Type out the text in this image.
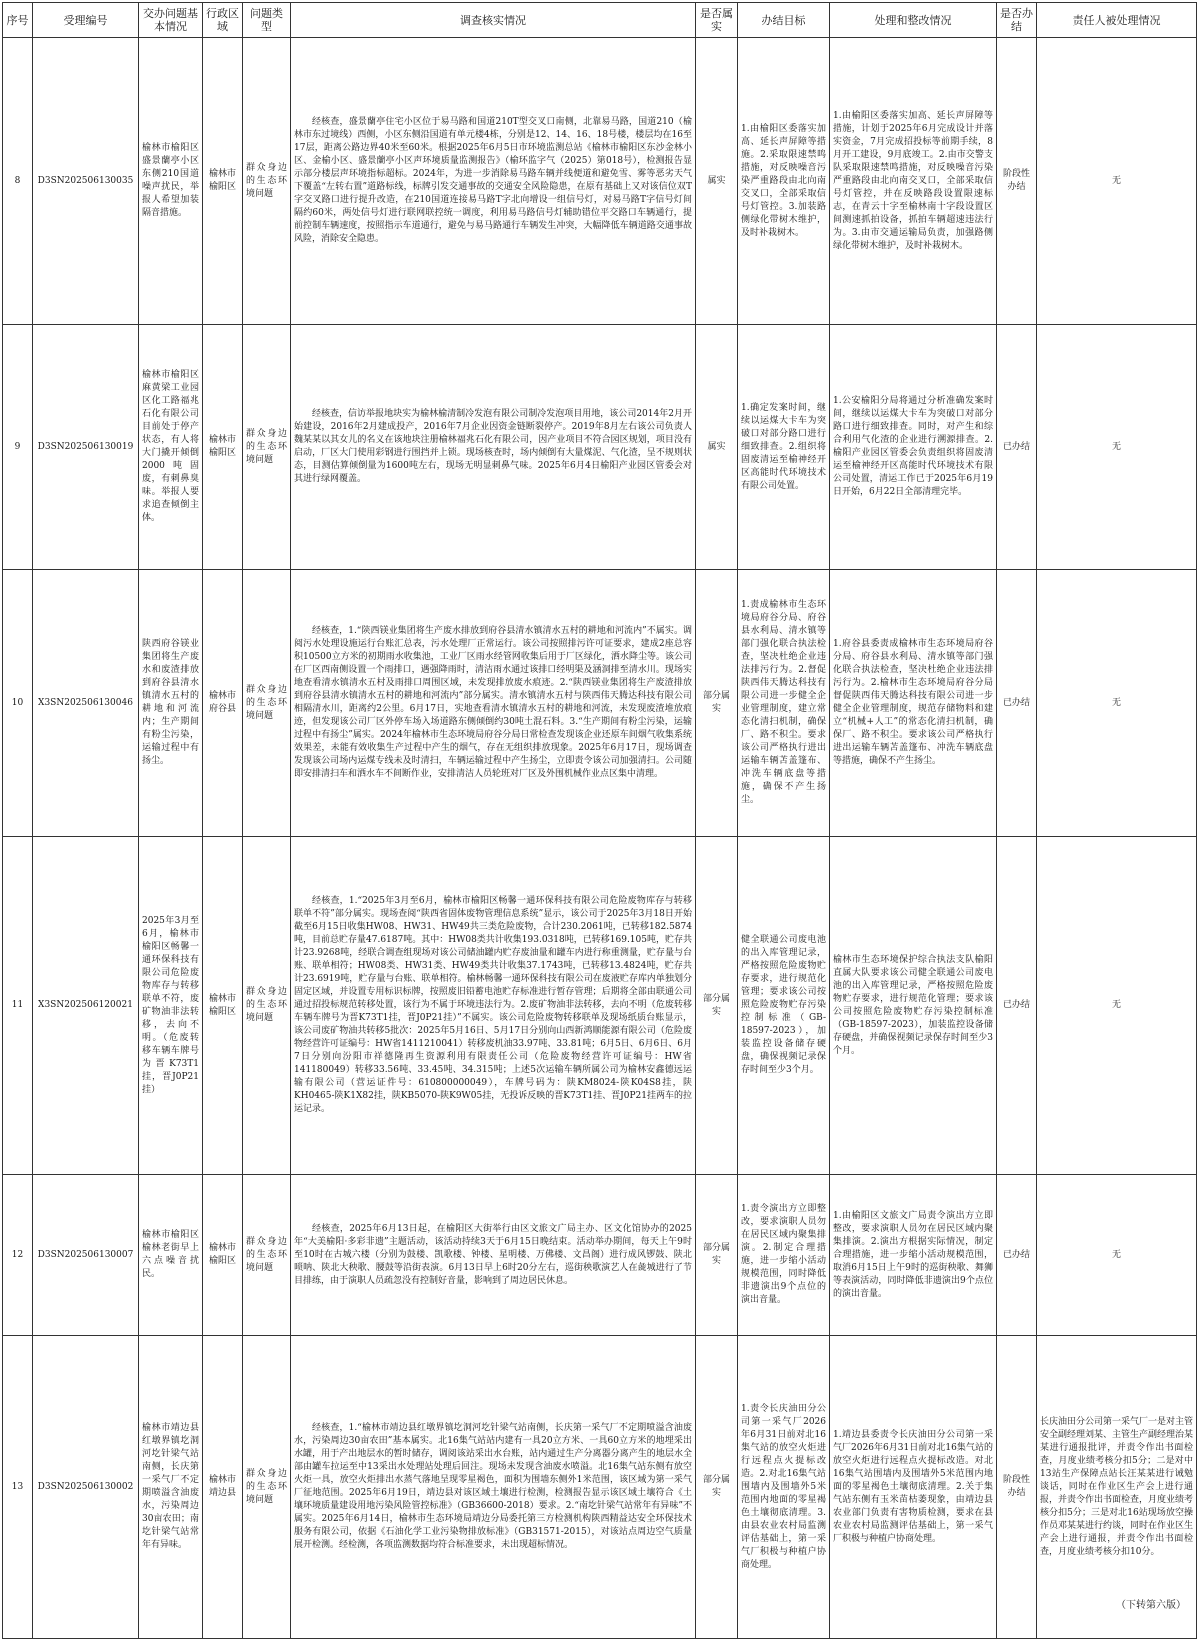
序号	受理编号	交办问题基本情况	行政区域	问题类型	调查核实情况	是否属实	办结目标	处理和整改情况	是否办结	责任人被处理情况
8	D3SN202506130035	榆林市榆阳区盛景蘭亭小区东侧210国道噪声扰民，举报人希望加装隔音措施。	榆林市榆阳区	群众身边的生态环境问题	经核查，盛景蘭亭住宅小区位于易马路和国道210T型交叉口南侧，北靠易马路，国道210（榆林市东过境线）西侧，小区东侧沿国道有单元楼4栋，分别是12、14、16、18号楼，楼层均在16至17层，距离公路边界40米至60米。根据2025年6月5日市环境监测总站《榆林市榆阳区东沙金林小区、金榆小区、盛景蘭亭小区声环境质量监测报告》（榆环监字气（2025）第018号），检测报告显示部分楼层声环境指标超标。2024年，为进一步消除易马路车辆并线便道和避免雪、雾等恶劣天气下覆盖“左转右置”道路标线，标牌引发交通事故的交通安全风险隐患，在原有基础上又对该信位双T字交叉路口进行提升改造，在210国道连接易马路T字北向增设一组信号灯，对易马路T字信号灯间隔约60米，两处信号灯进行联网联控统一调度，利用易马路信号灯辅助错位平交路口车辆通行，提前控制车辆速度，按照指示车道通行，避免与易马路通行车辆发生冲突，大幅降低车辆道路交通事故风险，消除安全隐患。	属实	1.由榆阳区委落实加高、延长声屏障等措施。2.采取限速禁鸣措施，对反映噪音污染严重路段由北向南交叉口，全部采取信号灯管控。3.加装路侧绿化带树木维护，及时补栽树木。	1.由榆阳区委落实加高、延长声屏障等措施，计划于2025年6月完成设计并落实资金，7月完成招投标等前期手续，8月开工建设，9月底竣工。2.由市交警支队采取限速禁鸣措施，对反映噪音污染严重路段由北向南交叉口，全部采取信号灯管控，并在反映路段设置限速标志，在青云十字至榆林南十字段设置区间测速抓拍设备，抓拍车辆超速违法行为。3.由市交通运输局负责，加强路侧绿化带树木维护，及时补栽树木。	阶段性办结	无
9	D3SN202506130019	榆林市榆阳区麻黄梁工业园区化工路福兆石化有限公司目前处于停产状态，有人将大门撬开倾倒2000吨固废，有刺鼻臭味。举报人要求追查倾倒主体。	榆林市榆阳区	群众身边的生态环境问题	经核查，信访举报地块实为榆林榆清制冷发泡有限公司制冷发泡项目用地，该公司2014年2月开始建设，2016年2月建成投产，2016年7月企业因资金链断裂停产。2019年8月左右该公司负责人魏某某以其女儿的名义在该地块注册榆林福兆石化有限公司，因产业项目不符合园区规划，项目没有启动，厂区大门使用彩钢进行围挡并上锁。现场核查时，场内倾倒有大量煤泥、气化渣，呈不规则状态，目测估算倾倒量为1600吨左右，现场无明显刺鼻气味。2025年6月4日榆阳产业园区管委会对其进行绿网覆盖。	属实	1.确定发案时间，继续以运煤大卡车为突破口对部分路口进行细致排查。2.组织将固废清运至榆神经开区高能时代环境技术有限公司处置。	1.公安榆阳分局将通过分析准确发案时间，继续以运煤大卡车为突破口对部分路口进行细致排查。同时，对产生和综合利用气化渣的企业进行溯源排查。2.榆阳产业园区管委会负责组织将固废清运至榆神经开区高能时代环境技术有限公司处置，清运工作已于2025年6月19日开始，6月22日全部清理完毕。	已办结	无
10	X3SN202506130046	陕西府谷镁业集团将生产废水和废渣排放到府谷县清水镇清水五村的耕地和河流内；生产期间有粉尘污染，运输过程中有扬尘。	榆林市府谷县	群众身边的生态环境问题	经核查，1.“陕西镁业集团将生产废水排放到府谷县清水镇清水五村的耕地和河流内”不属实。调阅污水处理设施运行台账汇总表，污水处理厂正常运行。该公司按照排污许可证要求，建成2座总容积10500立方米的初期雨水收集池，工业厂区雨水经管网收集后用于厂区绿化，洒水降尘等。该公司在厂区西南侧设置一个雨排口，遇强降雨时，清洁雨水通过该排口经明渠及涵洞排至清水川。现场实地查看清水镇清水五村及雨排口周围区域，未发现排放废水痕迹。2.“陕西镁业集团将生产废渣排放到府谷县清水镇清水五村的耕地和河流内”部分属实。清水镇清水五村与陕西伟天腾达科技有限公司相隔清水川，距离约2公里。6月17日，实地查看清水镇清水五村的耕地和河流，未发现废渣堆放痕迹，但发现该公司厂区外停车场入场道路东侧倾倒约30吨土混石料。3.“生产期间有粉尘污染，运输过程中有扬尘”属实。2024年榆林市生态环境局府谷分局日常检查发现该企业还原车间烟气收集系统效果差，未能有效收集生产过程中产生的烟气，存在无组织排放现象。2025年6月17日，现场调查发现该公司场内运煤专线未及时清扫，车辆运输过程中产生扬尘，立即责令该公司加强清扫。公司随即安排清扫车和洒水车不间断作业，安排清洁人员轮班对厂区及外围机械作业点区集中清理。	部分属实	1.责成榆林市生态环境局府谷分局、府谷县水利局、清水镇等部门强化联合执法检查，坚决杜绝企业违法排污行为。2.督促陕西伟天腾达科技有限公司进一步健全企业管理制度，建立常态化清扫机制，确保厂、路不积尘。要求该公司严格执行进出运输车辆苫盖篷布、冲洗车辆底盘等措施，确保不产生扬尘。	1.府谷县委责成榆林市生态环境局府谷分局、府谷县水利局、清水镇等部门强化联合执法检查，坚决杜绝企业违法排污行为。2.榆林市生态环境局府谷分局督促陕西伟天腾达科技有限公司进一步健全企业管理制度，规范存储物料和建立“机械+人工”的常态化清扫机制，确保厂、路不积尘。要求该公司严格执行进出运输车辆苫盖篷布、冲洗车辆底盘等措施，确保不产生扬尘。	已办结	无
11	X3SN202506120021	2025年3月至6月，榆林市榆阳区畅馨一通环保科技有限公司危险废物库存与转移联单不符，废矿物油非法转移，去向不明。（危废转移车辆车牌号为晋K73T1挂，晋J0P21挂）	榆林市榆阳区	群众身边的生态环境问题	经核查，1.“2025年3月至6月，榆林市榆阳区畅馨一通环保科技有限公司危险废物库存与转移联单不符”部分属实。现场查阅“陕西省固体废物管理信息系统”显示，该公司于2025年3月18日开始截至6月15日收集HW08、HW31、HW49共三类危险废物，合计230.2061吨，已转移182.5874吨，目前总贮存量47.6187吨。其中：HW08类共计收集193.0318吨，已转移169.105吨，贮存共计23.9268吨，经联合调查组现场对该公司储油罐内贮存废油量和罐车内进行称重测量，贮存量与台账、联单相符；HW08类、HW31类、HW49类共计收集37.1743吨，已转移13.4824吨，贮存共计23.6919吨，贮存量与台账、联单相符。榆林畅馨一通环保科技有限公司在废液贮存库内单独划分固定区域，并设置专用标识标牌，按照废旧铅蓄电池贮存标准进行暂存管理；后期将全部由联通公司通过招投标规范转移处置，该行为不属于环境违法行为。2.废矿物油非法转移，去向不明（危废转移车辆车牌号为晋K73T1挂，晋J0P21挂）”不属实。该公司危险废物转移联单及现场纸质台账显示，该公司废矿物油共转移5批次：2025年5月16日、5月17日分别向山西新鸿顺能源有限公司（危险废物经营许可证编号：HW省1411210041）转移废机油33.97吨、33.81吨；6月5日、6月6日、6月7日分别向汾阳市祥德隆再生资源利用有限责任公司（危险废物经营许可证编号：HW省141180049）转移33.56吨、33.45吨、34.315吨；上述5次运输车辆所属公司为榆林安鑫德远运输有限公司（营运证件号：610800000049），车牌号码为：陕KM8024-陕K04S8挂，陕KH0465-陕K1X82挂，陕KB5070-陕K9W05挂，无投诉反映的晋K73T1挂、晋J0P21挂两车的拉运记录。	部分属实	健全联通公司废电池的出入库管理记录，严格按照危险废物贮存要求，进行规范化管理；要求该公司按照危险废物贮存污染控制标准（GB-18597-2023），加装监控设备储存硬盘，确保视频记录保存时间至少3个月。	榆林市生态环境保护综合执法支队榆阳直属大队要求该公司健全联通公司废电池的出入库管理记录，严格按照危险废物贮存要求，进行规范化管理；要求该公司按照危险废物贮存污染控制标准（GB-18597-2023），加装监控设备储存硬盘，并确保视频记录保存时间至少3个月。	已办结	无
12	D3SN202506130007	榆林市榆阳区榆林老街早上六点噪音扰民。	榆林市榆阳区	群众身边的生态环境问题	经核查，2025年6月13日起，在榆阳区大街举行由区文旅文广局主办、区文化馆协办的2025年“大美榆阳·多彩非遗”主题活动，该活动持续3天于6月15日晚结束。活动举办期间，每天上午9时至10时在古城六楼（分别为鼓楼、凯歌楼、钟楼、星明楼、万佛楼、文昌阁）进行成风锣鼓、陕北唢呐、陕北大秧歌、腰鼓等沿街表演。6月13日早上6时20分左右，巡街秧歌演艺人在彘城进行了节目排练，由于演职人员疏忽没有控制好音量，影响到了周边居民休息。	部分属实	1.责令演出方立即整改，要求演职人员勿在居民区域内聚集排演。2.制定合理措施，进一步缩小活动规模范围，同时降低非遗演出9个点位的演出音量。	1.由榆阳区文旅文广局责令演出方立即整改，要求演职人员勿在居民区域内聚集排演。2.演出方根据实际情况，制定合理措施，进一步缩小活动规模范围，取消6月15日上午9时的巡街秧歌、舞狮等表演活动，同时降低非遗演出9个点位的演出音量。	已办结	无
13	D3SN202506130002	榆林市靖边县红墩界镇圪洞河圪针梁气站南侧，长庆第一采气厂不定期喷溢含油废水，污染周边30亩农田；南圪针梁气站常年有异味。	榆林市靖边县	群众身边的生态环境问题	经核查，1.“榆林市靖边县红墩界镇圪洞河圪针梁气站南侧，长庆第一采气厂不定期喷溢含油废水，污染周边30亩农田”基本属实。北16集气站站内建有一具20立方米、一具60立方米的地埋采出水罐，用于产出地层水的暂时储存，调阅该站采出水台账，站内通过生产分离器分离产生的地层水全部由罐车拉运至中13采出水处理站处理后回注。现场未发现含油废水喷溢。北16集气站东侧有放空火炬一具，放空火炬排出水蒸气落地呈现零星褐色，面积为围墙东侧外1米范围，该区域为第一采气厂征地范围。2025年6月19日，靖边县对该区域土壤进行检测，检测报告显示该区域土壤符合《土壤环境质量建设用地污染风险管控标准》（GB36600-2018）要求。2.“南圪针梁气站常年有异味”不属实。2025年6月14日，榆林市生态环境局靖边分局委托第三方检测机构陕西精益达安全环保技术服务有限公司，依据《石油化学工业污染物排放标准》（GB31571-2015），对该站点周边空气质量展开检测。经检测，各项监测数据均符合标准要求，未出现超标情况。	部分属实	1.责令长庆油田分公司第一采气厂2026年6月31日前对北16集气站的放空火炬进行远程点火提标改造。2.对北16集气站围墙内及围墙外5米范围内地面的零星褐色土壤彻底清理。3.由县农业农村局监测评估基础上，第一采气厂积极与种植户协商处理。	1.靖边县委责令长庆油田分公司第一采气厂2026年6月31日前对北16集气站的放空火炬进行远程点火提标改造。对北16集气站围墙内及围墙外5米范围内地面的零星褐色土壤彻底清理。2.关于集气站东侧有玉米苗枯萎现象，由靖边县农业部门负责有害物质检测，要求在县农业农村局监测评估基础上，第一采气厂积极与种植户协商处理。	阶段性办结	长庆油田分公司第一采气厂一是对主管安全副经理刘某、主管生产副经理治某某进行通报批评，并责令作出书面检查，月度业绩考核分扣5分；二是对中13站生产保障点站长汪某某进行诫勉谈话，同时在作业区生产会上进行通报，并责令作出书面检查，月度业绩考核分扣5分；三是对北16站现场放空操作员邓某某进行约谈，同时在作业区生产会上进行通报，并责令作出书面检查，月度业绩考核分扣10分。
（下转第六版）
